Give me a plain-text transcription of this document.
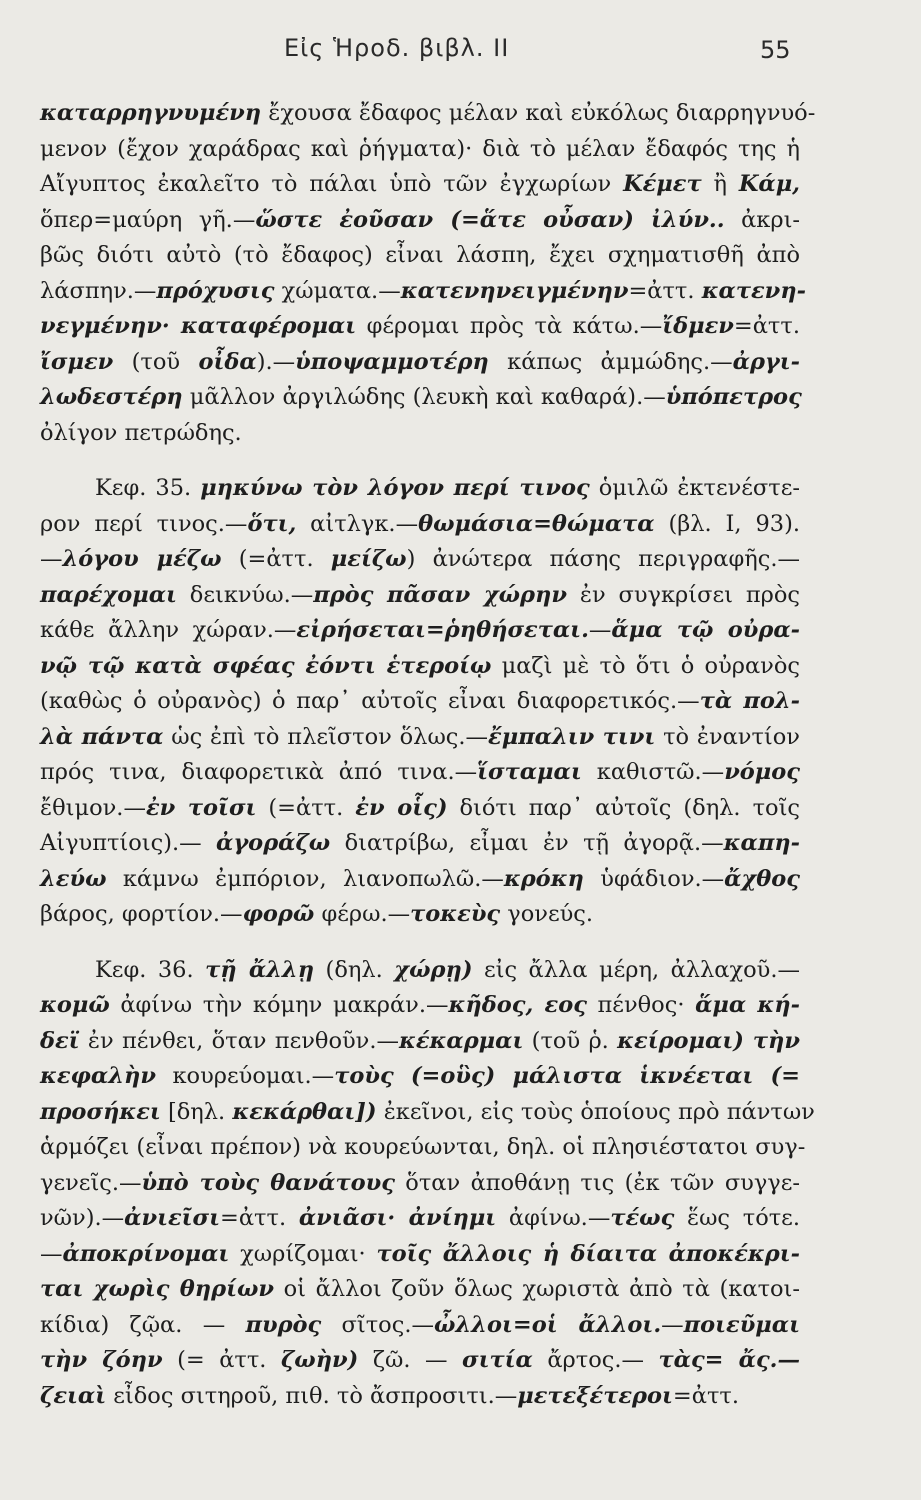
Εἰς Ἡροδ. βιβλ. ΙΙ	55
καταρρηγνυμένη ἔχουσα ἔδαφος μέλαν καὶ εὐκόλως διαρρηγνυό-
μενον (ἔχον χαράδρας καὶ ῥήγματα)· διὰ τὸ μέλαν ἔδαφός της ἡ
Αἴγυπτος ἐκαλεῖτο τὸ πάλαι ὑπὸ τῶν ἐγχωρίων Κέμετ ἢ Κάμ,
ὅπερ=μαύρη γῆ.—ὥστε ἐοῦσαν (=ἅτε οὖσαν) ἰλύν.. ἀκρι-
βῶς διότι αὐτὸ (τὸ ἔδαφος) εἶναι λάσπη, ἔχει σχηματισθῆ ἀπὸ
λάσπην.—πρόχυσις χώματα.—κατενηνειγμένην=ἀττ. κατενη-
νεγμένην· καταφέρομαι φέρομαι πρὸς τὰ κάτω.—ἴδμεν=ἀττ.
ἴσμεν (τοῦ οἶδα).—ὑποψαμμοτέρη κάπως ἀμμώδης.—ἀργι-
λωδεστέρη μᾶλλον ἀργιλώδης (λευκὴ καὶ καθαρά).—ὑπόπετρος
ὀλίγον πετρώδης.
Κεφ. 35. μηκύνω τὸν λόγον περί τινος ὁμιλῶ ἐκτενέστε-
ρον περί τινος.—ὅτι, αἰτλγκ.—θωμάσια=θώματα (βλ. Ι, 93).
—λόγου μέζω (=ἀττ. μείζω) ἀνώτερα πάσης περιγραφῆς.—
παρέχομαι δεικνύω.—πρὸς πᾶσαν χώρην ἐν συγκρίσει πρὸς
κάθε ἄλλην χώραν.—εἰρήσεται=ῥηθήσεται.—ἅμα τῷ οὐρα-
νῷ τῷ κατὰ σφέας ἐόντι ἑτεροίῳ μαζὶ μὲ τὸ ὅτι ὁ οὐρανὸς
(καθὼς ὁ οὐρανὸς) ὁ παρ᾽ αὐτοῖς εἶναι διαφορετικός.—τὰ πολ-
λὰ πάντα ὡς ἐπὶ τὸ πλεῖστον ὅλως.—ἔμπαλιν τινι τὸ ἐναντίον
πρός τινα, διαφορετικὰ ἀπό τινα.—ἵσταμαι καθιστῶ.—νόμος
ἔθιμον.—ἐν τοῖσι (=ἀττ. ἐν οἷς) διότι παρ᾽ αὐτοῖς (δηλ. τοῖς
Αἰγυπτίοις).— ἀγοράζω διατρίβω, εἶμαι ἐν τῇ ἀγορᾷ.—καπη-
λεύω κάμνω ἐμπόριον, λιανοπωλῶ.—κρόκη ὑφάδιον.—ἄχθος
βάρος, φορτίον.—φορῶ φέρω.—τοκεὺς γονεύς.
Κεφ. 36. τῇ ἄλλῃ (δηλ. χώρῃ) εἰς ἄλλα μέρη, ἀλλαχοῦ.—
κομῶ ἀφίνω τὴν κόμην μακράν.—κῆδος, εος πένθος· ἅμα κή-
δεϊ ἐν πένθει, ὅταν πενθοῦν.—κέκαρμαι (τοῦ ῥ. κείρομαι) τὴν
κεφαλὴν κουρεύομαι.—τοὺς (=οὓς) μάλιστα ἱκνέεται (=
προσήκει [δηλ. κεκάρθαι]) ἐκεῖνοι, εἰς τοὺς ὁποίους πρὸ πάντων
ἁρμόζει (εἶναι πρέπον) νὰ κουρεύωνται, δηλ. οἱ πλησιέστατοι συγ-
γενεῖς.—ὑπὸ τοὺς θανάτους ὅταν ἀποθάνῃ τις (ἐκ τῶν συγγε-
νῶν).—ἀνιεῖσι=ἀττ. ἀνιᾶσι· ἀνίημι ἀφίνω.—τέως ἕως τότε.
—ἀποκρίνομαι χωρίζομαι· τοῖς ἄλλοις ἡ δίαιτα ἀποκέκρι-
ται χωρὶς θηρίων οἱ ἄλλοι ζοῦν ὅλως χωριστὰ ἀπὸ τὰ (κατοι-
κίδια) ζῷα. — πυρὸς σῖτος.—ὦλλοι=οἱ ἄλλοι.—ποιεῦμαι
τὴν ζόην (= ἀττ. ζωὴν) ζῶ. — σιτία ἄρτος.— τὰς= ἄς.—
ζειαὶ εἶδος σιτηροῦ, πιθ. τὸ ἄσπροσιτι.—μετεξέτεροι=ἀττ.
